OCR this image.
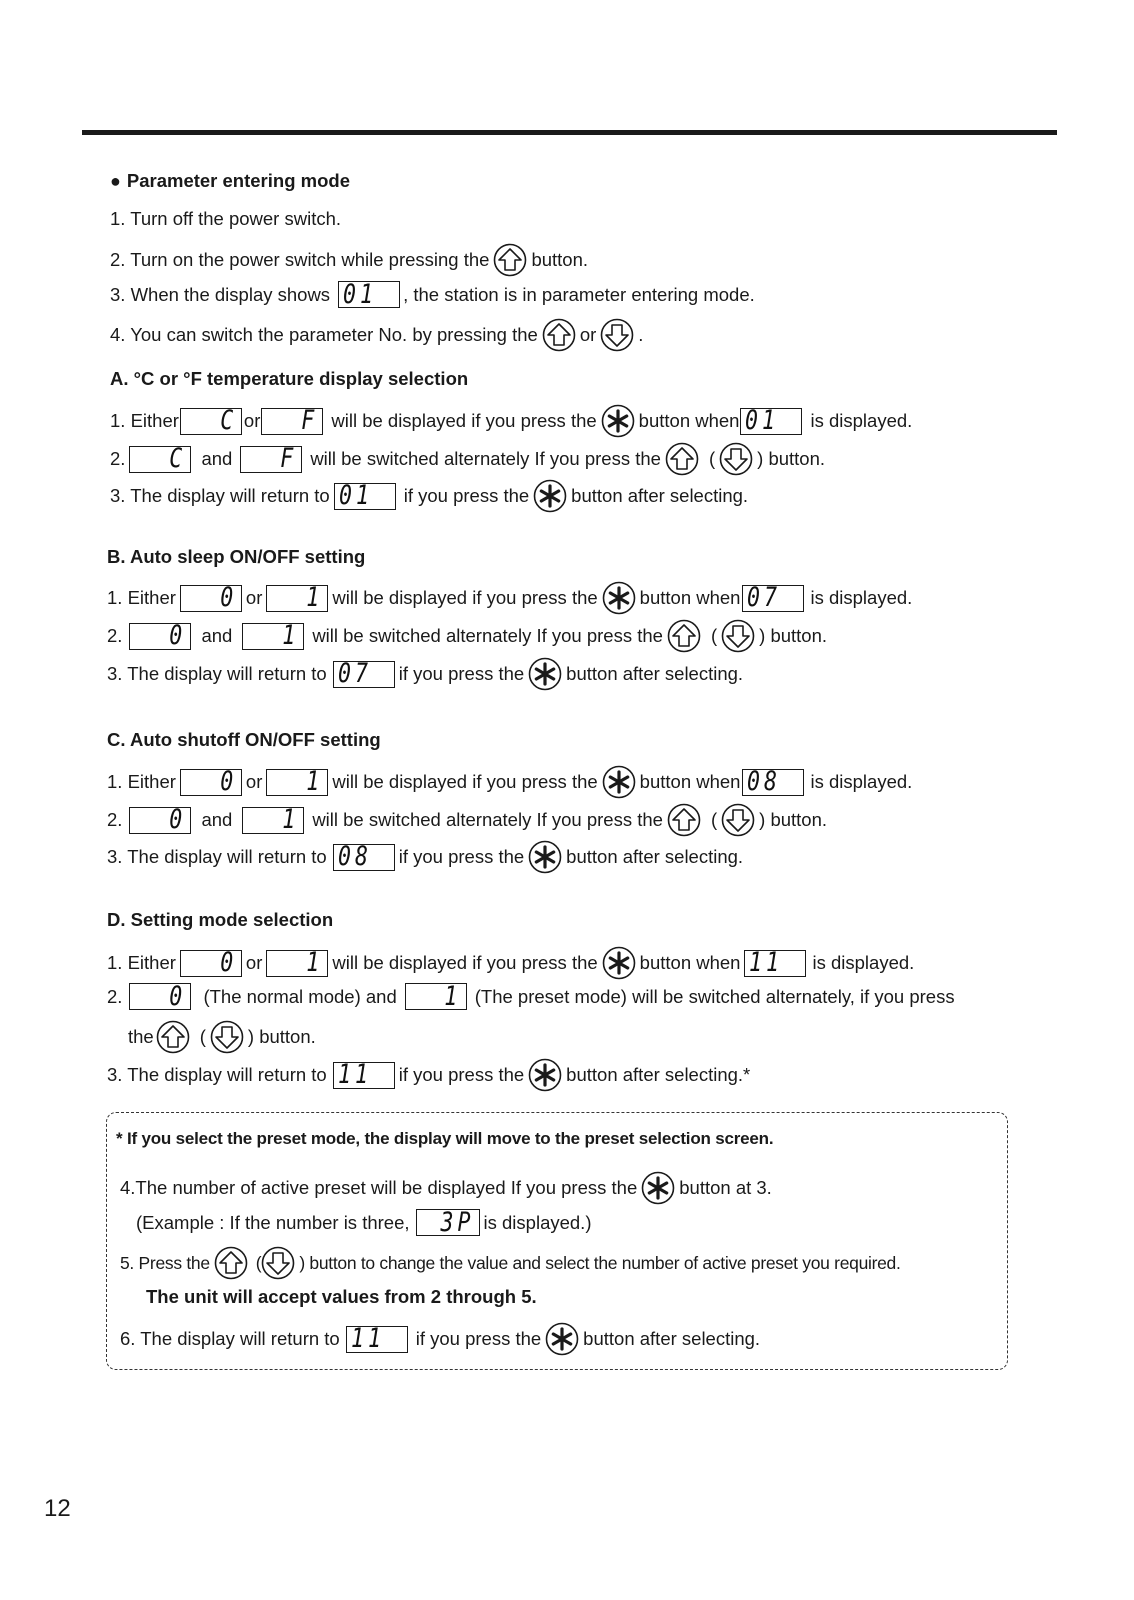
● Parameter entering mode
1. Turn off the power switch.
2. Turn on the power switch while pressing the button.
3. When the display shows 01 , the station is in parameter entering mode.
4. You can switch the parameter No. by pressing the or .
A. °C or °F temperature display selection
1. Either C or F will be displayed if you press the button when 01 is displayed.
2. C and F will be switched alternately If you press the	( ) button.
3. The display will return to 01 if you press the button after selecting.
B. Auto sleep ON/OFF setting
1. Either 0 or 1 will be displayed if you press the button when 07 is displayed.
2. 0 and 1 will be switched alternately If you press the	( ) button.
3. The display will return to 07 if you press the button after selecting.
C. Auto shutoff ON/OFF setting
1. Either 0 or 1 will be displayed if you press the button when 08 is displayed.
2. 0 and 1 will be switched alternately If you press the	( ) button.
3. The display will return to 08 if you press the button after selecting.
D. Setting mode selection
1. Either 0 or 1 will be displayed if you press the button when 11 is displayed.
2. 0 (The normal mode) and 1 (The preset mode) will be switched alternately, if you press
the ( ) button.
3. The display will return to 11 if you press the button after selecting.*
* If you select the preset mode, the display will move to the preset selection screen.
4.The number of active preset will be displayed If you press the button at 3.
(Example : If the number is three, 3P is displayed.)
5. Press the	( ) button to change the value and select the number of active preset you required.
The unit will accept values from 2 through 5.
6. The display will return to 11 if you press the button after selecting.
12
